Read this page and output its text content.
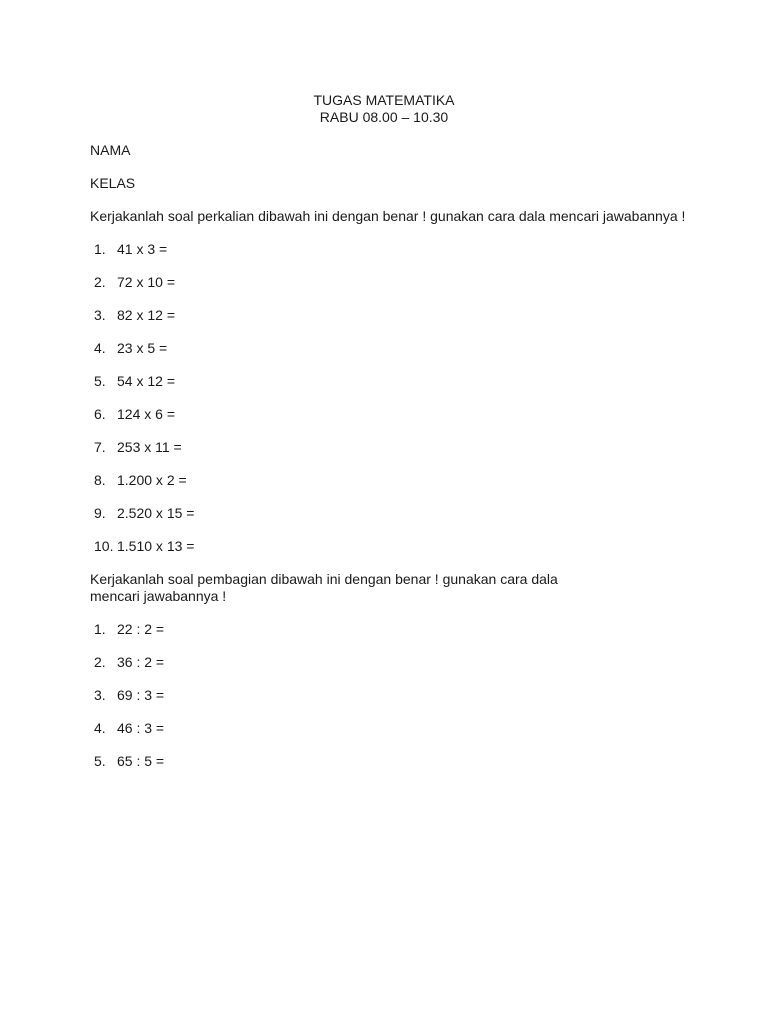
TUGAS MATEMATIKA
RABU 08.00 – 10.30
NAMA
KELAS
Kerjakanlah soal perkalian dibawah ini dengan benar ! gunakan cara dala mencari jawabannya !
1. 41 x 3 =
2. 72 x 10 =
3. 82 x 12 =
4. 23 x 5 =
5. 54 x 12 =
6. 124 x 6 =
7. 253 x 11 =
8. 1.200 x 2 =
9. 2.520 x 15 =
10. 1.510 x 13 =
Kerjakanlah soal pembagian dibawah ini dengan benar ! gunakan cara dala mencari jawabannya !
1. 22 : 2 =
2. 36 : 2 =
3. 69 : 3 =
4. 46 : 3 =
5. 65 : 5 =
